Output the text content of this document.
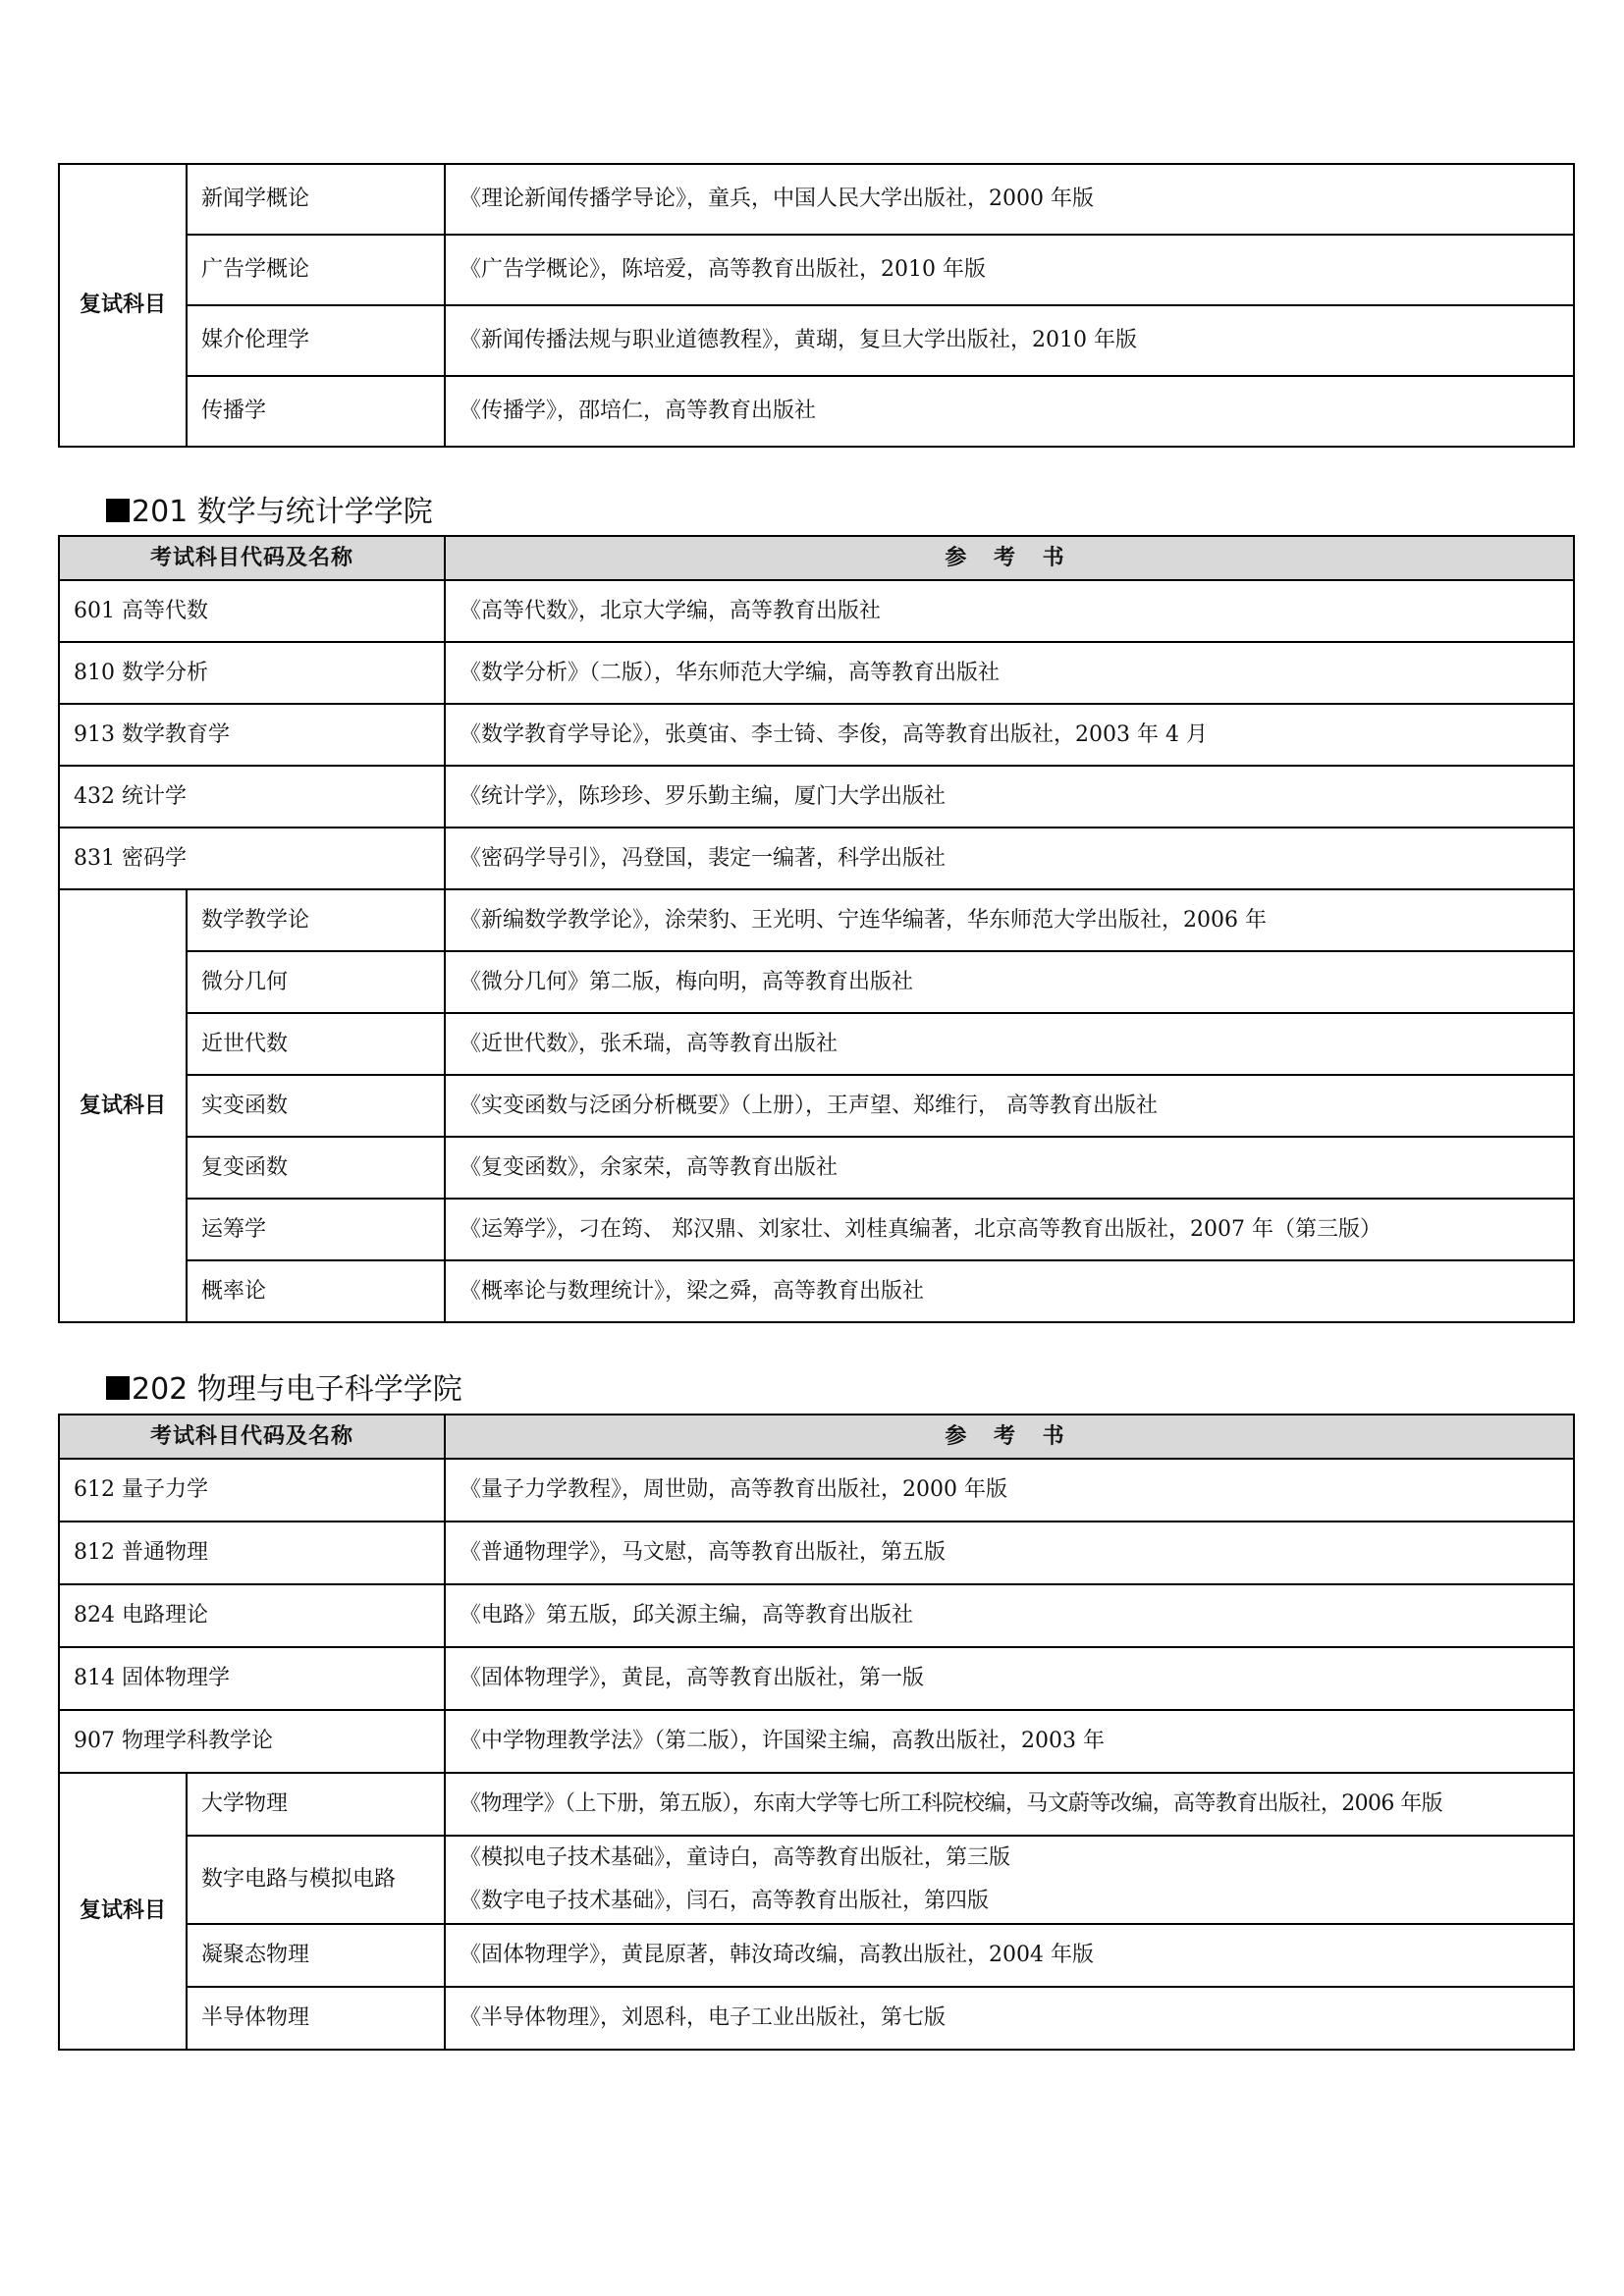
复试科目	新闻学概论	《理论新闻传播学导论》，童兵，中国人民大学出版社，2000 年版
	广告学概论	《广告学概论》，陈培爱，高等教育出版社，2010 年版
	媒介伦理学	《新闻传播法规与职业道德教程》，黄瑚，复旦大学出版社，2010 年版
	传播学	《传播学》，邵培仁，高等教育出版社
201 数学与统计学学院
考试科目代码及名称		参 考 书
601 高等代数		《高等代数》，北京大学编，高等教育出版社
810 数学分析		《数学分析》（二版），华东师范大学编，高等教育出版社
913 数学教育学		《数学教育学导论》，张奠宙、李士锜、李俊，高等教育出版社，2003 年 4 月
432 统计学		《统计学》，陈珍珍、罗乐勤主编，厦门大学出版社
831 密码学		《密码学导引》，冯登国，裴定一编著，科学出版社
复试科目	数学教学论	《新编数学教学论》，涂荣豹、王光明、宁连华编著，华东师范大学出版社，2006 年
	微分几何	《微分几何》第二版，梅向明，高等教育出版社
	近世代数	《近世代数》，张禾瑞，高等教育出版社
	实变函数	《实变函数与泛函分析概要》（上册），王声望、郑维行， 高等教育出版社
	复变函数	《复变函数》，余家荣，高等教育出版社
	运筹学	《运筹学》，刁在筠、 郑汉鼎、刘家壮、刘桂真编著，北京高等教育出版社，2007 年（第三版）
	概率论	《概率论与数理统计》，梁之舜，高等教育出版社
202 物理与电子科学学院
考试科目代码及名称		参 考 书
612 量子力学		《量子力学教程》，周世勋，高等教育出版社，2000 年版
812 普通物理		《普通物理学》，马文慰，高等教育出版社，第五版
824 电路理论		《电路》第五版，邱关源主编，高等教育出版社
814 固体物理学		《固体物理学》，黄昆，高等教育出版社，第一版
907 物理学科教学论		《中学物理教学法》（第二版），许国梁主编，高教出版社，2003 年
复试科目	大学物理	《物理学》（上下册，第五版），东南大学等七所工科院校编，马文蔚等改编，高等教育出版社，2006 年版
	数字电路与模拟电路	《模拟电子技术基础》，童诗白，高等教育出版社，第三版
《数字电子技术基础》，闫石，高等教育出版社，第四版

	凝聚态物理	《固体物理学》，黄昆原著，韩汝琦改编，高教出版社，2004 年版
	半导体物理	《半导体物理》，刘恩科，电子工业出版社，第七版
